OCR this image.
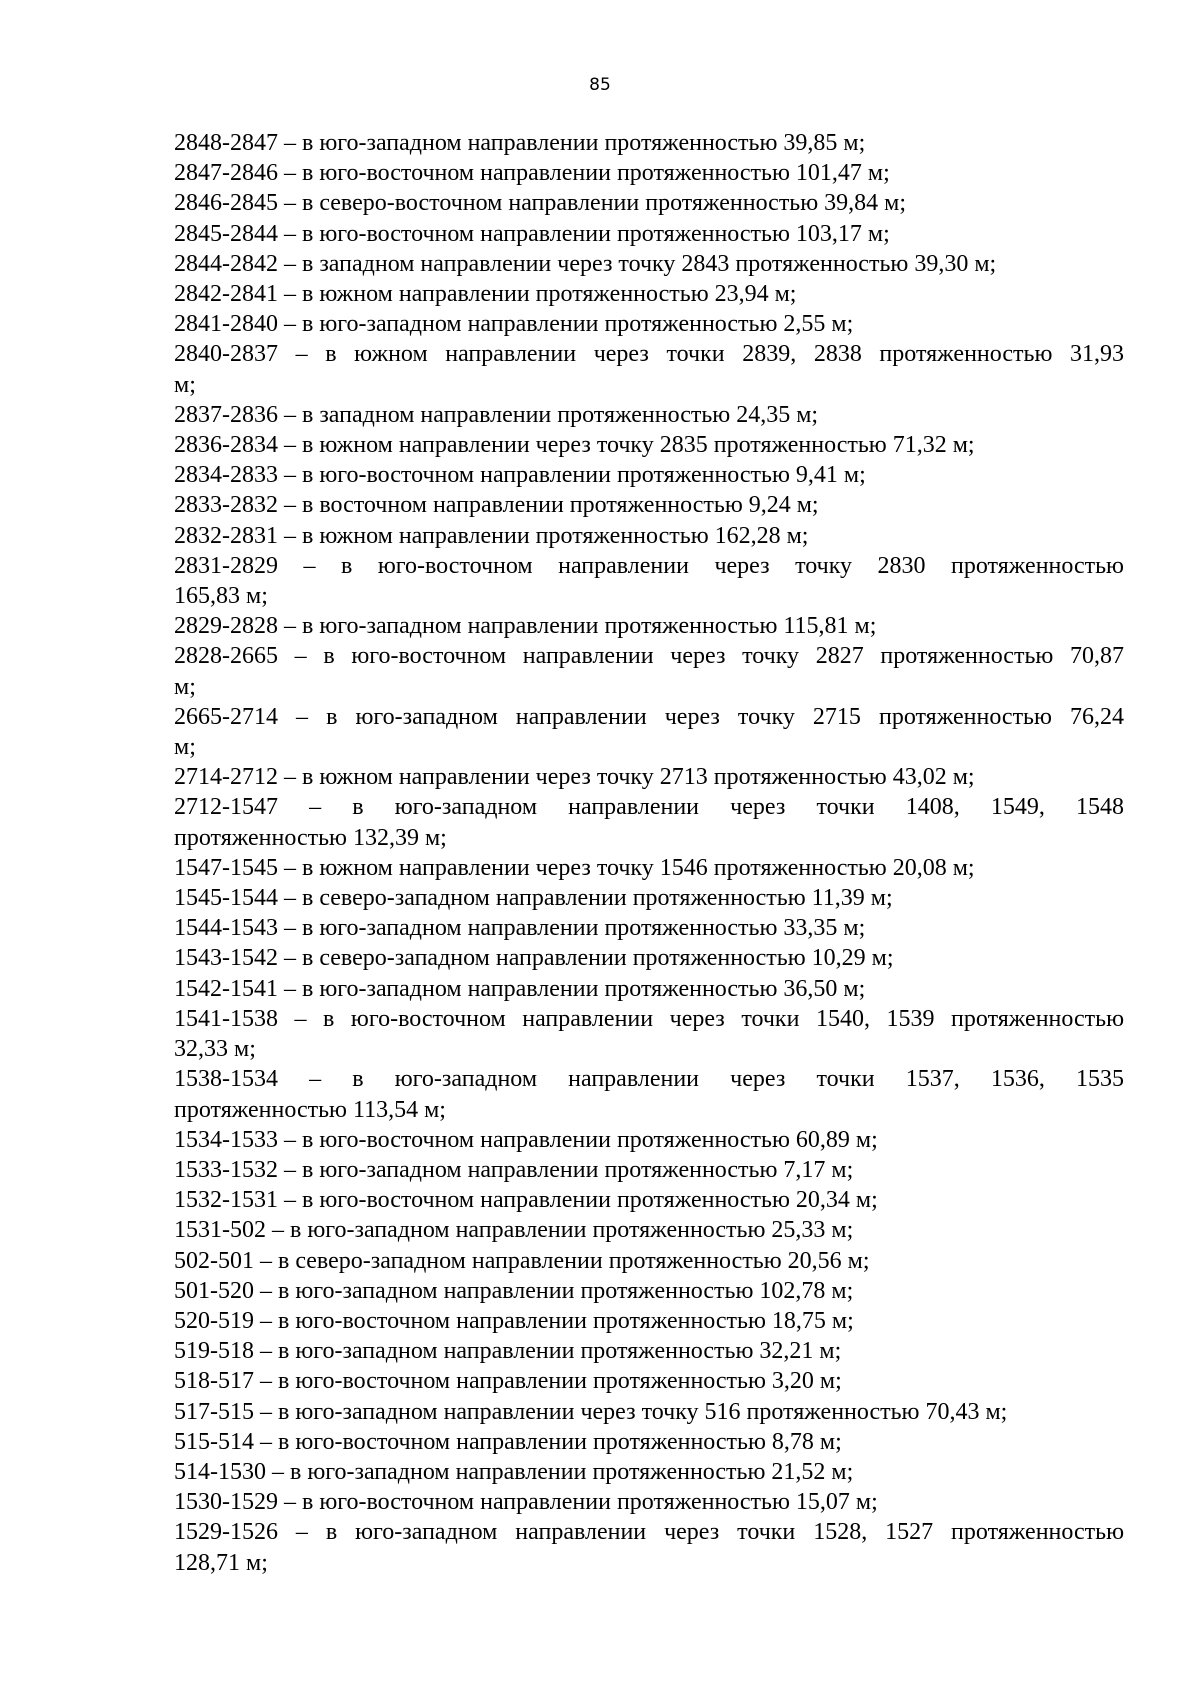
85
2848-2847 – в юго-западном направлении протяженностью 39,85 м;
2847-2846 – в юго-восточном направлении протяженностью 101,47 м;
2846-2845 – в северо-восточном направлении протяженностью 39,84 м;
2845-2844 – в юго-восточном направлении протяженностью 103,17 м;
2844-2842 – в западном направлении через точку 2843 протяженностью 39,30 м;
2842-2841 – в южном направлении протяженностью 23,94 м;
2841-2840 – в юго-западном направлении протяженностью 2,55 м;
2840-2837 – в южном направлении через точки 2839, 2838 протяженностью 31,93
м;
2837-2836 – в западном направлении протяженностью 24,35 м;
2836-2834 – в южном направлении через точку 2835 протяженностью 71,32 м;
2834-2833 – в юго-восточном направлении протяженностью 9,41 м;
2833-2832 – в восточном направлении протяженностью 9,24 м;
2832-2831 – в южном направлении протяженностью 162,28 м;
2831-2829 – в юго-восточном направлении через точку 2830 протяженностью
165,83 м;
2829-2828 – в юго-западном направлении протяженностью 115,81 м;
2828-2665 – в юго-восточном направлении через точку 2827 протяженностью 70,87
м;
2665-2714 – в юго-западном направлении через точку 2715 протяженностью 76,24
м;
2714-2712 – в южном направлении через точку 2713 протяженностью 43,02 м;
2712-1547 – в юго-западном направлении через точки 1408, 1549, 1548
протяженностью 132,39 м;
1547-1545 – в южном направлении через точку 1546 протяженностью 20,08 м;
1545-1544 – в северо-западном направлении протяженностью 11,39 м;
1544-1543 – в юго-западном направлении протяженностью 33,35 м;
1543-1542 – в северо-западном направлении протяженностью 10,29 м;
1542-1541 – в юго-западном направлении протяженностью 36,50 м;
1541-1538 – в юго-восточном направлении через точки 1540, 1539 протяженностью
32,33 м;
1538-1534 – в юго-западном направлении через точки 1537, 1536, 1535
протяженностью 113,54 м;
1534-1533 – в юго-восточном направлении протяженностью 60,89 м;
1533-1532 – в юго-западном направлении протяженностью 7,17 м;
1532-1531 – в юго-восточном направлении протяженностью 20,34 м;
1531-502 – в юго-западном направлении протяженностью 25,33 м;
502-501 – в северо-западном направлении протяженностью 20,56 м;
501-520 – в юго-западном направлении протяженностью 102,78 м;
520-519 – в юго-восточном направлении протяженностью 18,75 м;
519-518 – в юго-западном направлении протяженностью 32,21 м;
518-517 – в юго-восточном направлении протяженностью 3,20 м;
517-515 – в юго-западном направлении через точку 516 протяженностью 70,43 м;
515-514 – в юго-восточном направлении протяженностью 8,78 м;
514-1530 – в юго-западном направлении протяженностью 21,52 м;
1530-1529 – в юго-восточном направлении протяженностью 15,07 м;
1529-1526 – в юго-западном направлении через точки 1528, 1527 протяженностью
128,71 м;
